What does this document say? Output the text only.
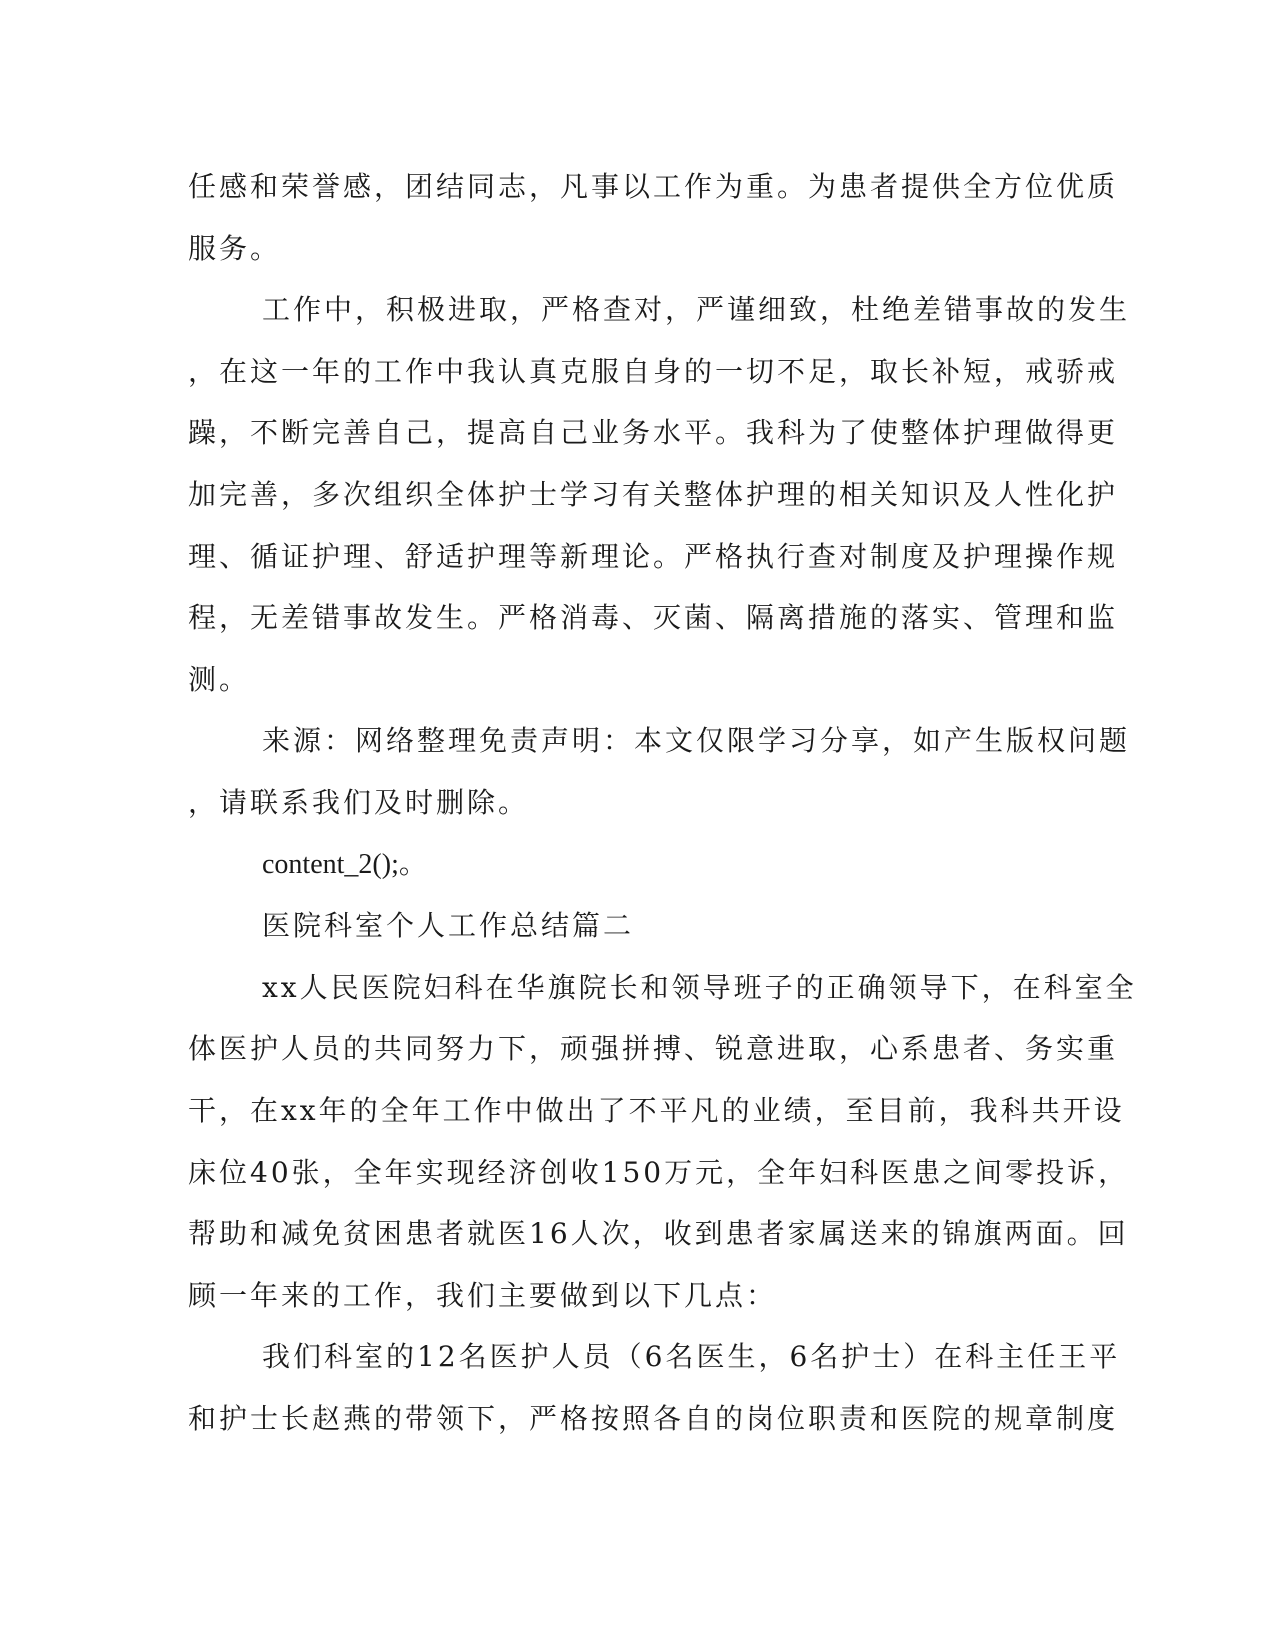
任感和荣誉感，团结同志，凡事以工作为重。为患者提供全方位优质
服务。
工作中，积极进取，严格查对，严谨细致，杜绝差错事故的发生
，在这一年的工作中我认真克服自身的一切不足，取长补短，戒骄戒
躁，不断完善自己，提高自己业务水平。我科为了使整体护理做得更
加完善，多次组织全体护士学习有关整体护理的相关知识及人性化护
理、循证护理、舒适护理等新理论。严格执行查对制度及护理操作规
程，无差错事故发生。严格消毒、灭菌、隔离措施的落实、管理和监
测。
来源：网络整理免责声明：本文仅限学习分享，如产生版权问题
，请联系我们及时删除。
content_2();。
医院科室个人工作总结篇二
xx人民医院妇科在华旗院长和领导班子的正确领导下，在科室全
体医护人员的共同努力下，顽强拼搏、锐意进取，心系患者、务实重
干，在xx年的全年工作中做出了不平凡的业绩，至目前，我科共开设
床位40张，全年实现经济创收150万元，全年妇科医患之间零投诉，
帮助和减免贫困患者就医16人次，收到患者家属送来的锦旗两面。回
顾一年来的工作，我们主要做到以下几点：
我们科室的12名医护人员（6名医生，6名护士）在科主任王平
和护士长赵燕的带领下，严格按照各自的岗位职责和医院的规章制度
